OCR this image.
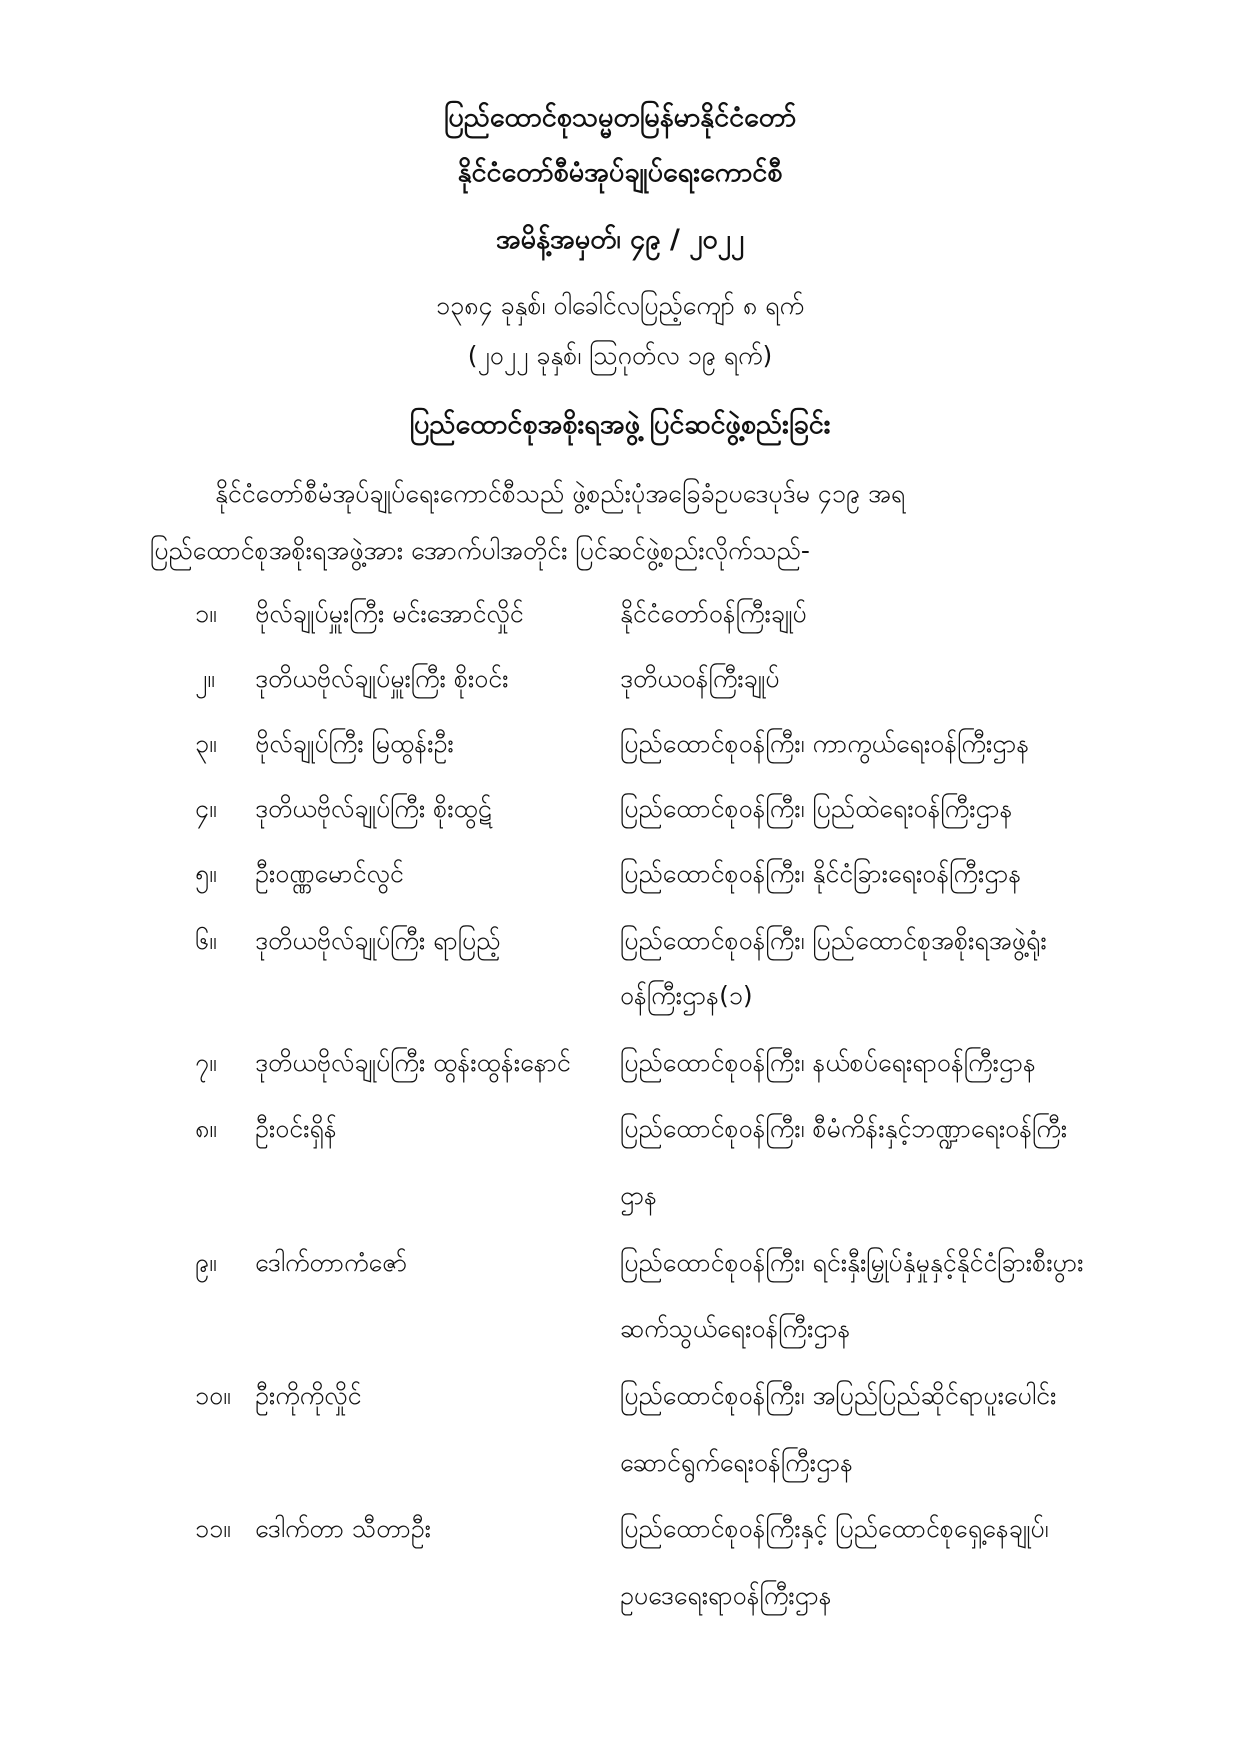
ပြည်ထောင်စုသမ္မတမြန်မာနိုင်ငံတော်
နိုင်ငံတော်စီမံအုပ်ချုပ်ရေးကောင်စီ
အမိန့်အမှတ်၊ ၄၉ / ၂၀၂၂
၁၃၈၄ ခုနှစ်၊ ဝါခေါင်လပြည့်ကျော် ၈ ရက်
(၂၀၂၂ ခုနှစ်၊ ဩဂုတ်လ ၁၉ ရက်)
ပြည်ထောင်စုအစိုးရအဖွဲ့ ပြင်ဆင်ဖွဲ့စည်းခြင်း
နိုင်ငံတော်စီမံအုပ်ချုပ်ရေးကောင်စီသည် ဖွဲ့စည်းပုံအခြေခံဥပဒေပုဒ်မ ၄၁၉ အရ
ပြည်ထောင်စုအစိုးရအဖွဲ့အား အောက်ပါအတိုင်း ပြင်ဆင်ဖွဲ့စည်းလိုက်သည်-
၁။	ဗိုလ်ချုပ်မှူးကြီး မင်းအောင်လှိုင်	နိုင်ငံတော်ဝန်ကြီးချုပ်
၂။	ဒုတိယဗိုလ်ချုပ်မှူးကြီး စိုးဝင်း	ဒုတိယဝန်ကြီးချုပ်
၃။	ဗိုလ်ချုပ်ကြီး မြထွန်းဦး	ပြည်ထောင်စုဝန်ကြီး၊ ကာကွယ်ရေးဝန်ကြီးဌာန
၄။	ဒုတိယဗိုလ်ချုပ်ကြီး စိုးထွဋ်	ပြည်ထောင်စုဝန်ကြီး၊ ပြည်ထဲရေးဝန်ကြီးဌာန
၅။	ဦးဝဏ္ဏမောင်လွင်	ပြည်ထောင်စုဝန်ကြီး၊ နိုင်ငံခြားရေးဝန်ကြီးဌာန
၆။	ဒုတိယဗိုလ်ချုပ်ကြီး ရာပြည့်	ပြည်ထောင်စုဝန်ကြီး၊ ပြည်ထောင်စုအစိုးရအဖွဲ့ရုံး
ဝန်ကြီးဌာန(၁)
၇။	ဒုတိယဗိုလ်ချုပ်ကြီး ထွန်းထွန်းနောင်	ပြည်ထောင်စုဝန်ကြီး၊ နယ်စပ်ရေးရာဝန်ကြီးဌာန
၈။	ဦးဝင်းရှိန်	ပြည်ထောင်စုဝန်ကြီး၊ စီမံကိန်းနှင့်ဘဏ္ဍာရေးဝန်ကြီး
ဌာန
၉။	ဒေါက်တာကံဇော်	ပြည်ထောင်စုဝန်ကြီး၊ ရင်းနှီးမြှုပ်နှံမှုနှင့်နိုင်ငံခြားစီးပွား
ဆက်သွယ်ရေးဝန်ကြီးဌာန
၁၀။ ဦးကိုကိုလှိုင်	ပြည်ထောင်စုဝန်ကြီး၊ အပြည်ပြည်ဆိုင်ရာပူးပေါင်း
ဆောင်ရွက်ရေးဝန်ကြီးဌာန
၁၁။ ဒေါက်တာ သီတာဦး	ပြည်ထောင်စုဝန်ကြီးနှင့် ပြည်ထောင်စုရှေ့နေချုပ်၊
ဥပဒေရေးရာဝန်ကြီးဌာန
